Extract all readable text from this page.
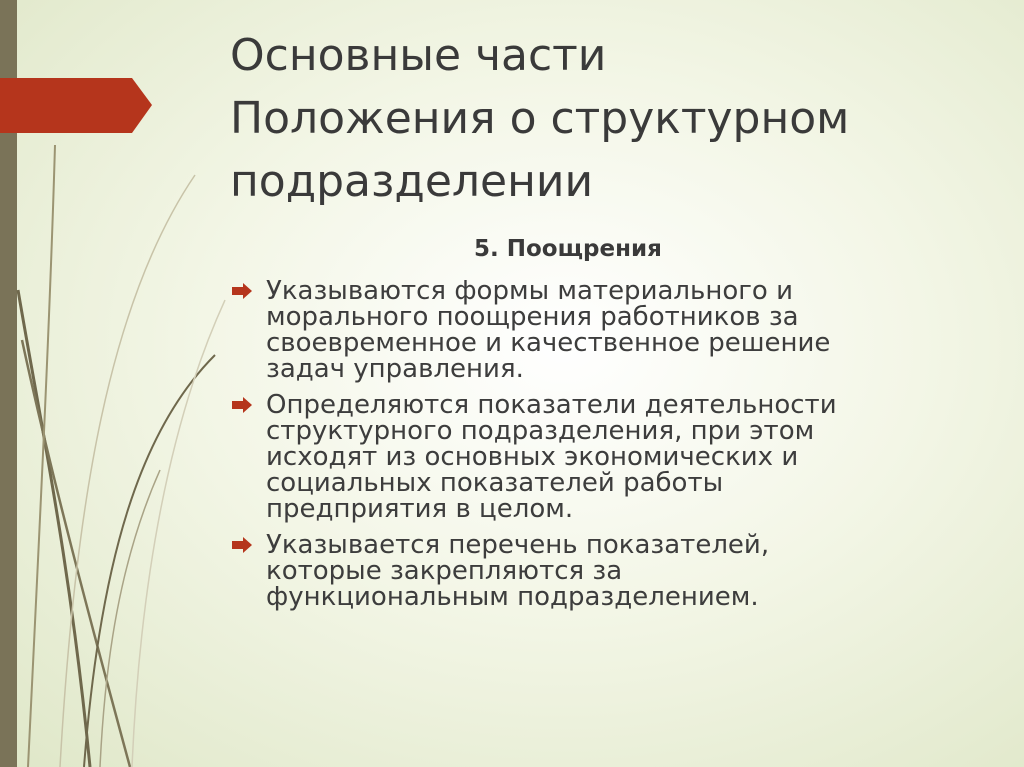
Основные части
Положения о структурном
подразделении
5. Поощрения
Указываются формы материального и
морального поощрения работников за
своевременное и качественное решение
задач управления.
Определяются показатели деятельности
структурного подразделения, при этом
исходят из основных экономических и
социальных показателей работы
предприятия в целом.
Указывается перечень показателей,
которые закрепляются за
функциональным подразделением.
